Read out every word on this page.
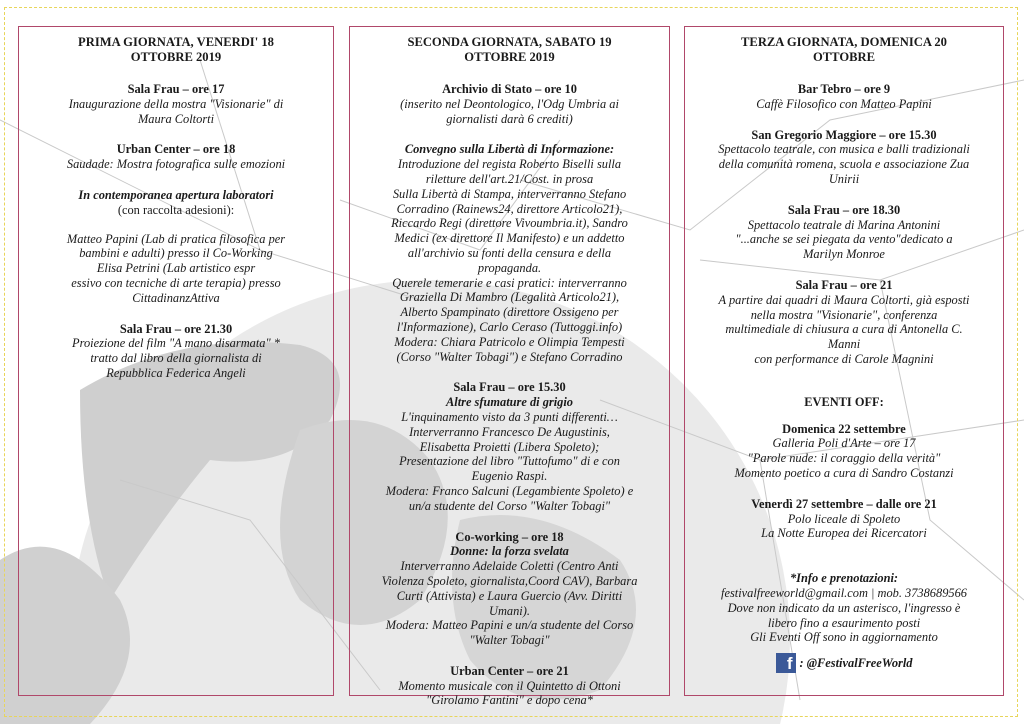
PRIMA GIORNATA, VENERDI' 18
OTTOBRE 2019

Sala Frau – ore 17

Inaugurazione della mostra "Visionarie" di

Maura Coltorti

Urban Center – ore 18

Saudade: Mostra fotografica sulle emozioni

In contemporanea apertura laboratori

(con raccolta adesioni):

Matteo Papini (Lab di pratica filosofica per

bambini e adulti) presso il Co-Working

Elisa Petrini (Lab artistico espr

essivo con tecniche di arte terapia) presso

CittadinanzAttiva

Sala Frau – ore 21.30

Proiezione del film "A mano disarmata" *

tratto dal libro della giornalista di

Repubblica Federica Angeli

SECONDA GIORNATA, SABATO 19
OTTOBRE 2019

Archivio di Stato – ore 10

(inserito nel Deontologico, l'Odg Umbria ai

giornalisti darà 6 crediti)

Convegno sulla Libertà di Informazione:

Introduzione del regista Roberto Biselli sulla

riletture dell'art.21/Cost. in prosa

Sulla Libertà di Stampa, interverranno Stefano

Corradino (Rainews24, direttore Articolo21),

Riccardo Regi (direttore Vivoumbria.it), Sandro

Medici (ex direttore Il Manifesto) e un addetto

all'archivio su fonti della censura e della

propaganda.

Querele temerarie e casi pratici: interverranno

Graziella Di Mambro (Legalità Articolo21),

Alberto Spampinato (direttore Ossigeno per

l'Informazione), Carlo Ceraso (Tuttoggi.info)

Modera: Chiara Patricolo e Olimpia Tempesti

(Corso "Walter Tobagi") e Stefano Corradino

Sala Frau – ore 15.30

Altre sfumature di grigio

L'inquinamento visto da 3 punti differenti…

Interverranno Francesco De Augustinis,

Elisabetta Proietti (Libera Spoleto);

Presentazione del libro "Tuttofumo" di e con

Eugenio Raspi.

Modera: Franco Salcuni (Legambiente Spoleto) e

un/a studente del Corso "Walter Tobagi"

Co-working – ore 18

Donne: la forza svelata

Interverranno Adelaide Coletti (Centro Anti

Violenza Spoleto, giornalista,Coord CAV), Barbara

Curti (Attivista) e Laura Guercio (Avv. Diritti

Umani).

Modera: Matteo Papini e un/a studente del Corso

"Walter Tobagi"

Urban Center – ore 21

Momento musicale con il Quintetto di Ottoni

"Girolamo Fantini" e dopo cena*

TERZA GIORNATA, DOMENICA 20
OTTOBRE

Bar Tebro – ore 9

Caffè Filosofico con Matteo Papini

San Gregorio Maggiore – ore 15.30

Spettacolo teatrale, con musica e balli tradizionali

della comunità romena, scuola e associazione Zua

Unirii

Sala Frau – ore 18.30

Spettacolo teatrale di Marina Antonini

"...anche se sei piegata da vento"dedicato a

Marilyn Monroe

Sala Frau – ore 21

A partire dai quadri di Maura Coltorti, già esposti

nella mostra "Visionarie", conferenza

multimediale di chiusura a cura di Antonella C.

Manni

con performance di Carole Magnini

EVENTI OFF:

Domenica 22 settembre

Galleria Poli d'Arte – ore 17

"Parole nude: il coraggio della verità"

Momento poetico a cura di Sandro Costanzi

Venerdì 27 settembre – dalle ore 21

Polo liceale di Spoleto

La Notte Europea dei Ricercatori

*Info e prenotazioni:

festivalfreeworld@gmail.com | mob. 3738689566

Dove non indicato da un asterisco, l'ingresso è

libero fino a esaurimento posti

Gli Eventi Off sono in aggiornamento

f : @FestivalFreeWorld
